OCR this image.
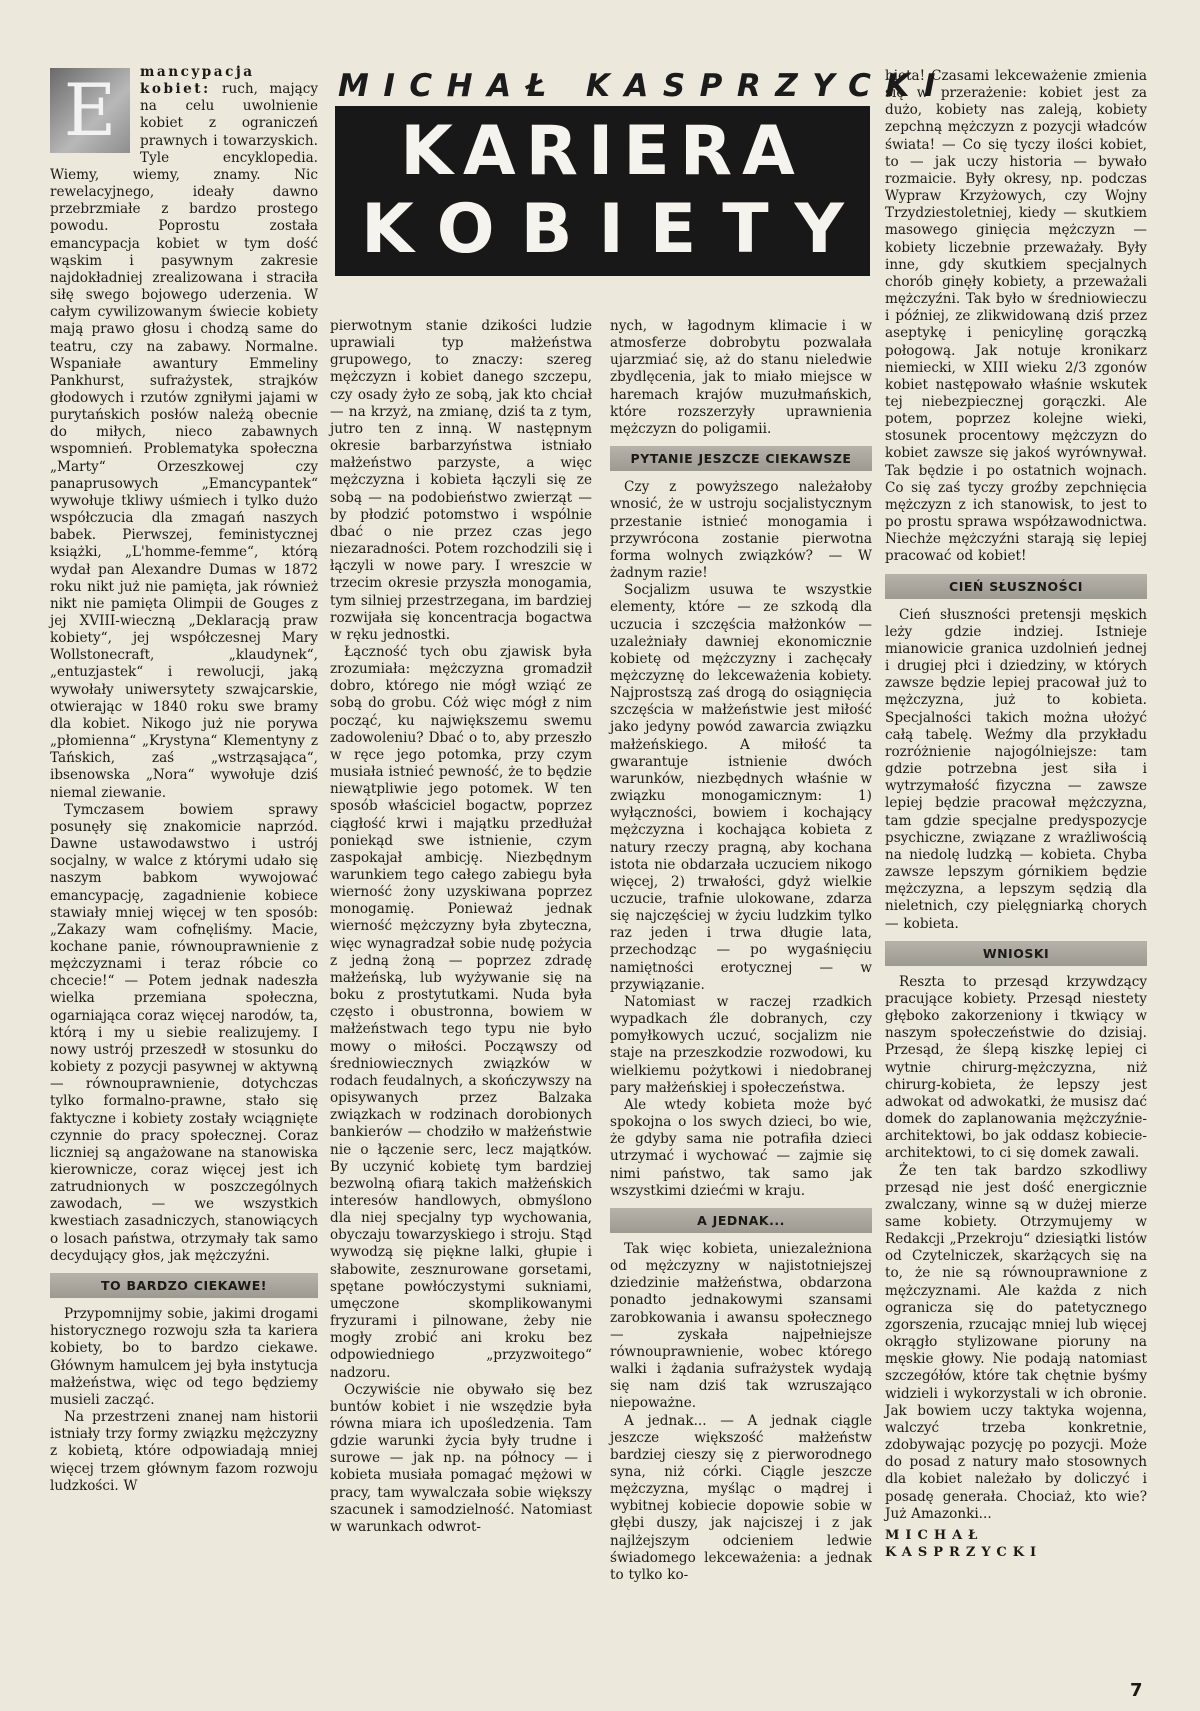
MICHAŁ KASPRZYCKI
KARIERA
KOBIETY
E	mancypacja kobiet: ruch, mający na celu uwolnienie kobiet z ograniczeń prawnych i towarzyskich. Tyle encyklopedia. Wiemy, wiemy, znamy. Nic rewelacyjnego, ideały dawno przebrzmiałe z bardzo prostego powodu. Poprostu została emancypacja kobiet w tym dość wąskim i pasywnym zakresie najdokładniej zrealizowana i straciła siłę swego bojowego uderzenia. W całym cywilizowanym świecie kobiety mają prawo głosu i chodzą same do teatru, czy na zabawy. Normalne. Wspaniałe awantury Emmeliny Pankhurst, sufrażystek, strajków głodowych i rzutów zgniłymi jajami w purytańskich posłów należą obecnie do miłych, nieco zabawnych wspomnień. Problematyka społeczna „Marty“ Orzeszkowej czy panaprusowych „Emancypantek“ wywołuje tkliwy uśmiech i tylko dużo współczucia dla zmagań naszych babek. Pierwszej, feministycznej książki, „L'homme-femme“, którą wydał pan Alexandre Dumas w 1872 roku nikt już nie pamięta, jak również nikt nie pamięta Olimpii de Gouges z jej XVIII-wieczną „Deklaracją praw kobiety“, jej współczesnej Mary Wollstonecraft, „klaudynek“, „entuzjastek“ i rewolucji, jaką wywołały uniwersytety szwajcarskie, otwierając w 1840 roku swe bramy dla kobiet. Nikogo już nie porywa „płomienna“ „Krystyna“ Klementyny z Tańskich, zaś „wstrząsająca“, ibsenowska „Nora“ wywołuje dziś niemal ziewanie.

Tymczasem bowiem sprawy posunęły się znakomicie naprzód. Dawne ustawodawstwo i ustrój socjalny, w walce z którymi udało się naszym babkom wywojować emancypację, zagadnienie kobiece stawiały mniej więcej w ten sposób: „Zakazy wam cofnęliśmy. Macie, kochane panie, równouprawnienie z mężczyznami i teraz róbcie co chcecie!“ — Potem jednak nadeszła wielka przemiana społeczna, ogarniająca coraz więcej narodów, ta, którą i my u siebie realizujemy. I nowy ustrój przeszedł w stosunku do kobiety z pozycji pasywnej w aktywną — równouprawnienie, dotychczas tylko formalno-prawne, stało się faktyczne i kobiety zostały wciągnięte czynnie do pracy społecznej. Coraz liczniej są angażowane na stanowiska kierownicze, coraz więcej jest ich zatrudnionych w poszczególnych zawodach, — we wszystkich kwestiach zasadniczych, stanowiących o losach państwa, otrzymały tak samo decydujący głos, jak mężczyźni.

TO BARDZO CIEKAWE!

Przypomnijmy sobie, jakimi drogami historycznego rozwoju szła ta kariera kobiety, bo to bardzo ciekawe. Głównym hamulcem jej była instytucja małżeństwa, więc od tego będziemy musieli zacząć.

Na przestrzeni znanej nam historii istniały trzy formy związku mężczyzny z kobietą, które odpowiadają mniej więcej trzem głównym fazom rozwoju ludzkości. W

pierwotnym stanie dzikości ludzie uprawiali typ małżeństwa grupowego, to znaczy: szereg mężczyzn i kobiet danego szczepu, czy osady żyło ze sobą, jak kto chciał — na krzyż, na zmianę, dziś ta z tym, jutro ten z inną. W następnym okresie barbarzyństwa istniało małżeństwo parzyste, a więc mężczyzna i kobieta łączyli się ze sobą — na podobieństwo zwierząt — by płodzić potomstwo i wspólnie dbać o nie przez czas jego niezaradności. Potem rozchodzili się i łączyli w nowe pary. I wreszcie w trzecim okresie przyszła monogamia, tym silniej przestrzegana, im bardziej rozwijała się koncentracja bogactwa w ręku jednostki.

Łączność tych obu zjawisk była zrozumiała: mężczyzna gromadził dobro, którego nie mógł wziąć ze sobą do grobu. Cóż więc mógł z nim począć, ku największemu swemu zadowoleniu? Dbać o to, aby przeszło w ręce jego potomka, przy czym musiała istnieć pewność, że to będzie niewątpliwie jego potomek. W ten sposób właściciel bogactw, poprzez ciągłość krwi i majątku przedłużał poniekąd swe istnienie, czym zaspokajał ambicję. Niezbędnym warunkiem tego całego zabiegu była wierność żony uzyskiwana poprzez monogamię. Ponieważ jednak wierność mężczyzny była zbyteczna, więc wynagradzał sobie nudę pożycia z jedną żoną — poprzez zdradę małżeńską, lub wyżywanie się na boku z prostytutkami. Nuda była często i obustronna, bowiem w małżeństwach tego typu nie było mowy o miłości. Począwszy od średniowiecznych związków w rodach feudalnych, a skończywszy na opisywanych przez Balzaka związkach w rodzinach dorobionych bankierów — chodziło w małżeństwie nie o łączenie serc, lecz majątków. By uczynić kobietę tym bardziej bezwolną ofiarą takich małżeńskich interesów handlowych, obmyślono dla niej specjalny typ wychowania, obyczaju towarzyskiego i stroju. Stąd wywodzą się piękne lalki, głupie i słabowite, zesznurowane gorsetami, spętane powłóczystymi sukniami, umęczone skomplikowanymi fryzurami i pilnowane, żeby nie mogły zrobić ani kroku bez odpowiedniego „przyzwoitego“ nadzoru.

Oczywiście nie obywało się bez buntów kobiet i nie wszędzie była równa miara ich upośledzenia. Tam gdzie warunki życia były trudne i surowe — jak np. na północy — i kobieta musiała pomagać mężowi w pracy, tam wywalczała sobie większy szacunek i samodzielność. Natomiast w warunkach odwrot-

nych, w łagodnym klimacie i w atmosferze dobrobytu pozwalała ujarzmiać się, aż do stanu nieledwie zbydlęcenia, jak to miało miejsce w haremach krajów muzułmańskich, które rozszerzyły uprawnienia mężczyzn do poligamii.

PYTANIE JESZCZE CIEKAWSZE

Czy z powyższego należałoby wnosić, że w ustroju socjalistycznym przestanie istnieć monogamia i przywrócona zostanie pierwotna forma wolnych związków? — W żadnym razie!

Socjalizm usuwa te wszystkie elementy, które — ze szkodą dla uczucia i szczęścia małżonków — uzależniały dawniej ekonomicznie kobietę od mężczyzny i zachęcały mężczyznę do lekceważenia kobiety. Najprostszą zaś drogą do osiągnięcia szczęścia w małżeństwie jest miłość jako jedyny powód zawarcia związku małżeńskiego. A miłość ta gwarantuje istnienie dwóch warunków, niezbędnych właśnie w związku monogamicznym: 1) wyłączności, bowiem i kochający mężczyzna i kochająca kobieta z natury rzeczy pragną, aby kochana istota nie obdarzała uczuciem nikogo więcej, 2) trwałości, gdyż wielkie uczucie, trafnie ulokowane, zdarza się najczęściej w życiu ludzkim tylko raz jeden i trwa długie lata, przechodząc — po wygaśnięciu namiętności erotycznej — w przywiązanie.

Natomiast w raczej rzadkich wypadkach źle dobranych, czy pomyłkowych uczuć, socjalizm nie staje na przeszkodzie rozwodowi, ku wielkiemu pożytkowi i niedobranej pary małżeńskiej i społeczeństwa.

Ale wtedy kobieta może być spokojna o los swych dzieci, bo wie, że gdyby sama nie potrafiła dzieci utrzymać i wychować — zajmie się nimi państwo, tak samo jak wszystkimi dziećmi w kraju.

A JEDNAK...

Tak więc kobieta, uniezależniona od mężczyzny w najistotniejszej dziedzinie małżeństwa, obdarzona ponadto jednakowymi szansami zarobkowania i awansu społecznego — zyskała najpełniejsze równouprawnienie, wobec którego walki i żądania sufrażystek wydają się nam dziś tak wzruszająco niepoważne.

A jednak... — A jednak ciągle jeszcze większość małżeństw bardziej cieszy się z pierworodnego syna, niż córki. Ciągle jeszcze mężczyzna, myśląc o mądrej i wybitnej kobiecie dopowie sobie w głębi duszy, jak najciszej i z jak najlżejszym odcieniem ledwie świadomego lekceważenia: a jednak to tylko ko-

bieta! Czasami lekceważenie zmienia się w przerażenie: kobiet jest za dużo, kobiety nas zaleją, kobiety zepchną mężczyzn z pozycji władców świata! — Co się tyczy ilości kobiet, to — jak uczy historia — bywało rozmaicie. Były okresy, np. podczas Wypraw Krzyżowych, czy Wojny Trzydziestoletniej, kiedy — skutkiem masowego ginięcia mężczyzn — kobiety liczebnie przeważały. Były inne, gdy skutkiem specjalnych chorób ginęły kobiety, a przeważali mężczyźni. Tak było w średniowieczu i później, ze zlikwidowaną dziś przez aseptykę i penicylinę gorączką połogową. Jak notuje kronikarz niemiecki, w XIII wieku 2/3 zgonów kobiet następowało właśnie wskutek tej niebezpiecznej gorączki. Ale potem, poprzez kolejne wieki, stosunek procentowy mężczyzn do kobiet zawsze się jakoś wyrównywał. Tak będzie i po ostatnich wojnach. Co się zaś tyczy groźby zepchnięcia mężczyzn z ich stanowisk, to jest to po prostu sprawa współzawodnictwa. Niechże mężczyźni starają się lepiej pracować od kobiet!

CIEŃ SŁUSZNOŚCI

Cień słuszności pretensji męskich leży gdzie indziej. Istnieje mianowicie granica uzdolnień jednej i drugiej płci i dziedziny, w których zawsze będzie lepiej pracował już to mężczyzna, już to kobieta. Specjalności takich można ułożyć całą tabelę. Weźmy dla przykładu rozróżnienie najogólniejsze: tam gdzie potrzebna jest siła i wytrzymałość fizyczna — zawsze lepiej będzie pracował mężczyzna, tam gdzie specjalne predyspozycje psychiczne, związane z wrażliwością na niedolę ludzką — kobieta. Chyba zawsze lepszym górnikiem będzie mężczyzna, a lepszym sędzią dla nieletnich, czy pielęgniarką chorych — kobieta.

WNIOSKI

Reszta to przesąd krzywdzący pracujące kobiety. Przesąd niestety głęboko zakorzeniony i tkwiący w naszym społeczeństwie do dzisiaj. Przesąd, że ślepą kiszkę lepiej ci wytnie chirurg-mężczyzna, niż chirurg-kobieta, że lepszy jest adwokat od adwokatki, że musisz dać domek do zaplanowania mężczyźnie-architektowi, bo jak oddasz kobiecie-architektowi, to ci się domek zawali.

Że ten tak bardzo szkodliwy przesąd nie jest dość energicznie zwalczany, winne są w dużej mierze same kobiety. Otrzymujemy w Redakcji „Przekroju“ dziesiątki listów od Czytelniczek, skarżących się na to, że nie są równouprawnione z mężczyznami. Ale każda z nich ogranicza się do patetycznego zgorszenia, rzucając mniej lub więcej okrągło stylizowane pioruny na męskie głowy. Nie podają natomiast szczegółów, które tak chętnie byśmy widzieli i wykorzystali w ich obronie. Jak bowiem uczy taktyka wojenna, walczyć trzeba konkretnie, zdobywając pozycję po pozycji. Może do posad z natury mało stosownych dla kobiet należało by doliczyć i posadę generała. Chociaż, kto wie? Już Amazonki...

MICHAŁ KASPRZYCKI

7
